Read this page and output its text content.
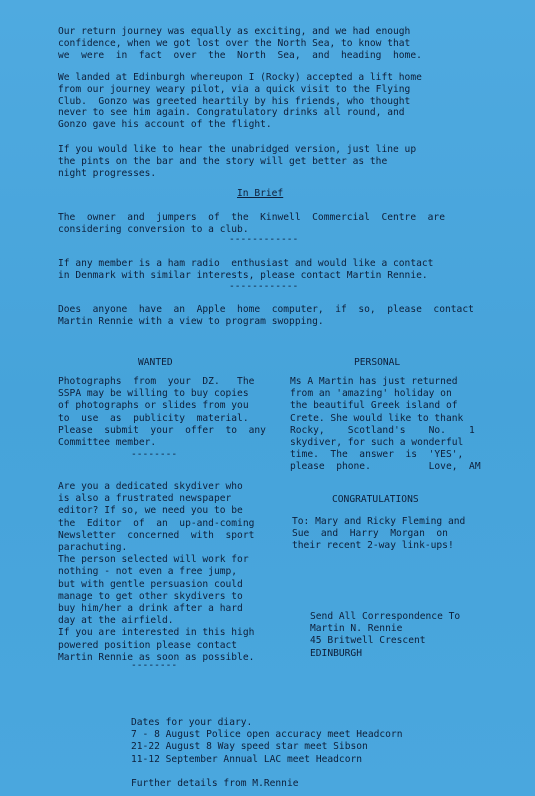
Our return journey was equally as exciting, and we had enough
confidence, when we got lost over the North Sea, to know that
we  were  in  fact  over  the  North  Sea,  and  heading  home.
We landed at Edinburgh whereupon I (Rocky) accepted a lift home
from our journey weary pilot, via a quick visit to the Flying
Club.  Gonzo was greeted heartily by his friends, who thought
never to see him again. Congratulatory drinks all round, and
Gonzo gave his account of the flight.
If you would like to hear the unabridged version, just line up
the pints on the bar and the story will get better as the
night progresses.
In Brief
The  owner  and  jumpers  of  the  Kinwell  Commercial  Centre  are
considering conversion to a club.
------------
If any member is a ham radio  enthusiast and would like a contact
in Denmark with similar interests, please contact Martin Rennie.
------------
Does  anyone  have  an  Apple  home  computer,  if  so,  please  contact
Martin Rennie with a view to program swopping.
WANTED
Photographs  from  your  DZ.   The
SSPA may be willing to buy copies
of photographs or slides from you
to  use  as  publicity  material.
Please  submit  your  offer  to  any
Committee member.
--------
PERSONAL
Ms A Martin has just returned
from an 'amazing' holiday on
the beautiful Greek island of
Crete. She would like to thank
Rocky,    Scotland's    No.    1
skydiver, for such a wonderful
time.  The  answer  is  'YES',
please  phone.          Love,  AM
Are you a dedicated skydiver who
is also a frustrated newspaper
editor? If so, we need you to be
the  Editor  of  an  up-and-coming
Newsletter  concerned  with  sport
parachuting.
The person selected will work for
nothing - not even a free jump,
but with gentle persuasion could
manage to get other skydivers to
buy him/her a drink after a hard
day at the airfield.
If you are interested in this high
powered position please contact
Martin Rennie as soon as possible.
--------
CONGRATULATIONS
To: Mary and Ricky Fleming and
Sue  and  Harry  Morgan  on
their recent 2-way link-ups!
Send All Correspondence To
Martin N. Rennie
45 Britwell Crescent
EDINBURGH
Dates for your diary.
7 - 8 August Police open accuracy meet Headcorn
21-22 August 8 Way speed star meet Sibson
11-12 September Annual LAC meet Headcorn

Further details from M.Rennie
